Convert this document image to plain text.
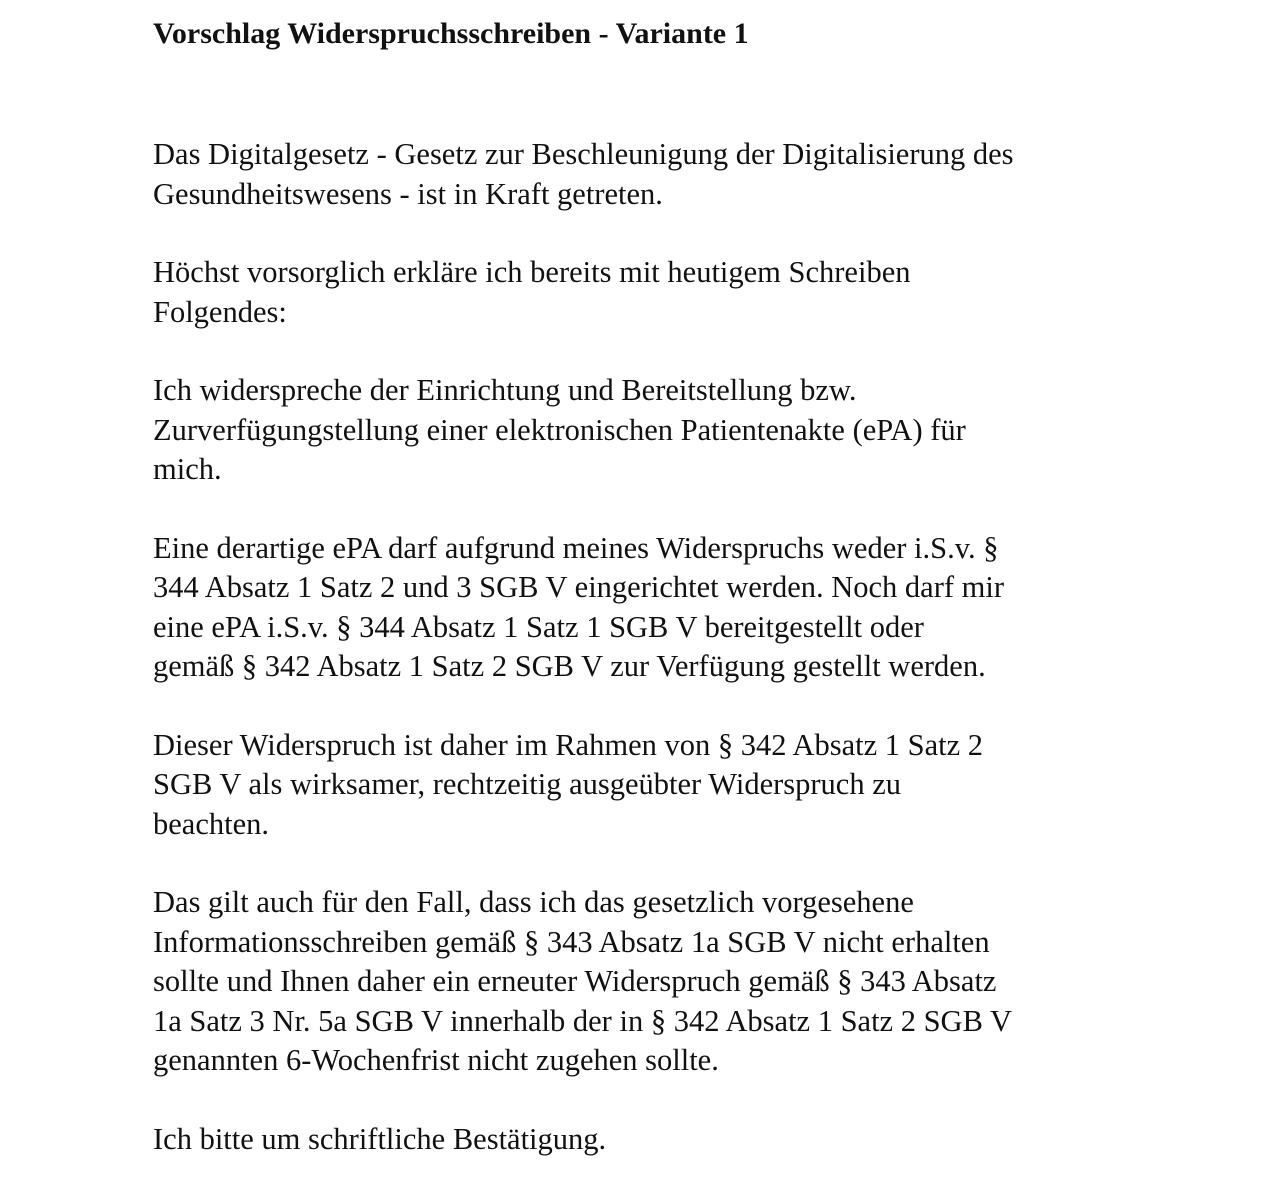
Vorschlag Widerspruchsschreiben - Variante 1

Das Digitalgesetz - Gesetz zur Beschleunigung der Digitalisierung des
Gesundheitswesens - ist in Kraft getreten.

Höchst vorsorglich erkläre ich bereits mit heutigem Schreiben
Folgendes:

Ich widerspreche der Einrichtung und Bereitstellung bzw.
Zurverfügungstellung einer elektronischen Patientenakte (ePA) für
mich.

Eine derartige ePA darf aufgrund meines Widerspruchs weder i.S.v. §
344 Absatz 1 Satz 2 und 3 SGB V eingerichtet werden. Noch darf mir
eine ePA i.S.v. § 344 Absatz 1 Satz 1 SGB V bereitgestellt oder
gemäß § 342 Absatz 1 Satz 2 SGB V zur Verfügung gestellt werden.

Dieser Widerspruch ist daher im Rahmen von § 342 Absatz 1 Satz 2
SGB V als wirksamer, rechtzeitig ausgeübter Widerspruch zu
beachten.

Das gilt auch für den Fall, dass ich das gesetzlich vorgesehene
Informationsschreiben gemäß § 343 Absatz 1a SGB V nicht erhalten
sollte und Ihnen daher ein erneuter Widerspruch gemäß § 343 Absatz
1a Satz 3 Nr. 5a SGB V innerhalb der in § 342 Absatz 1 Satz 2 SGB V
genannten 6-Wochenfrist nicht zugehen sollte.

Ich bitte um schriftliche Bestätigung.
